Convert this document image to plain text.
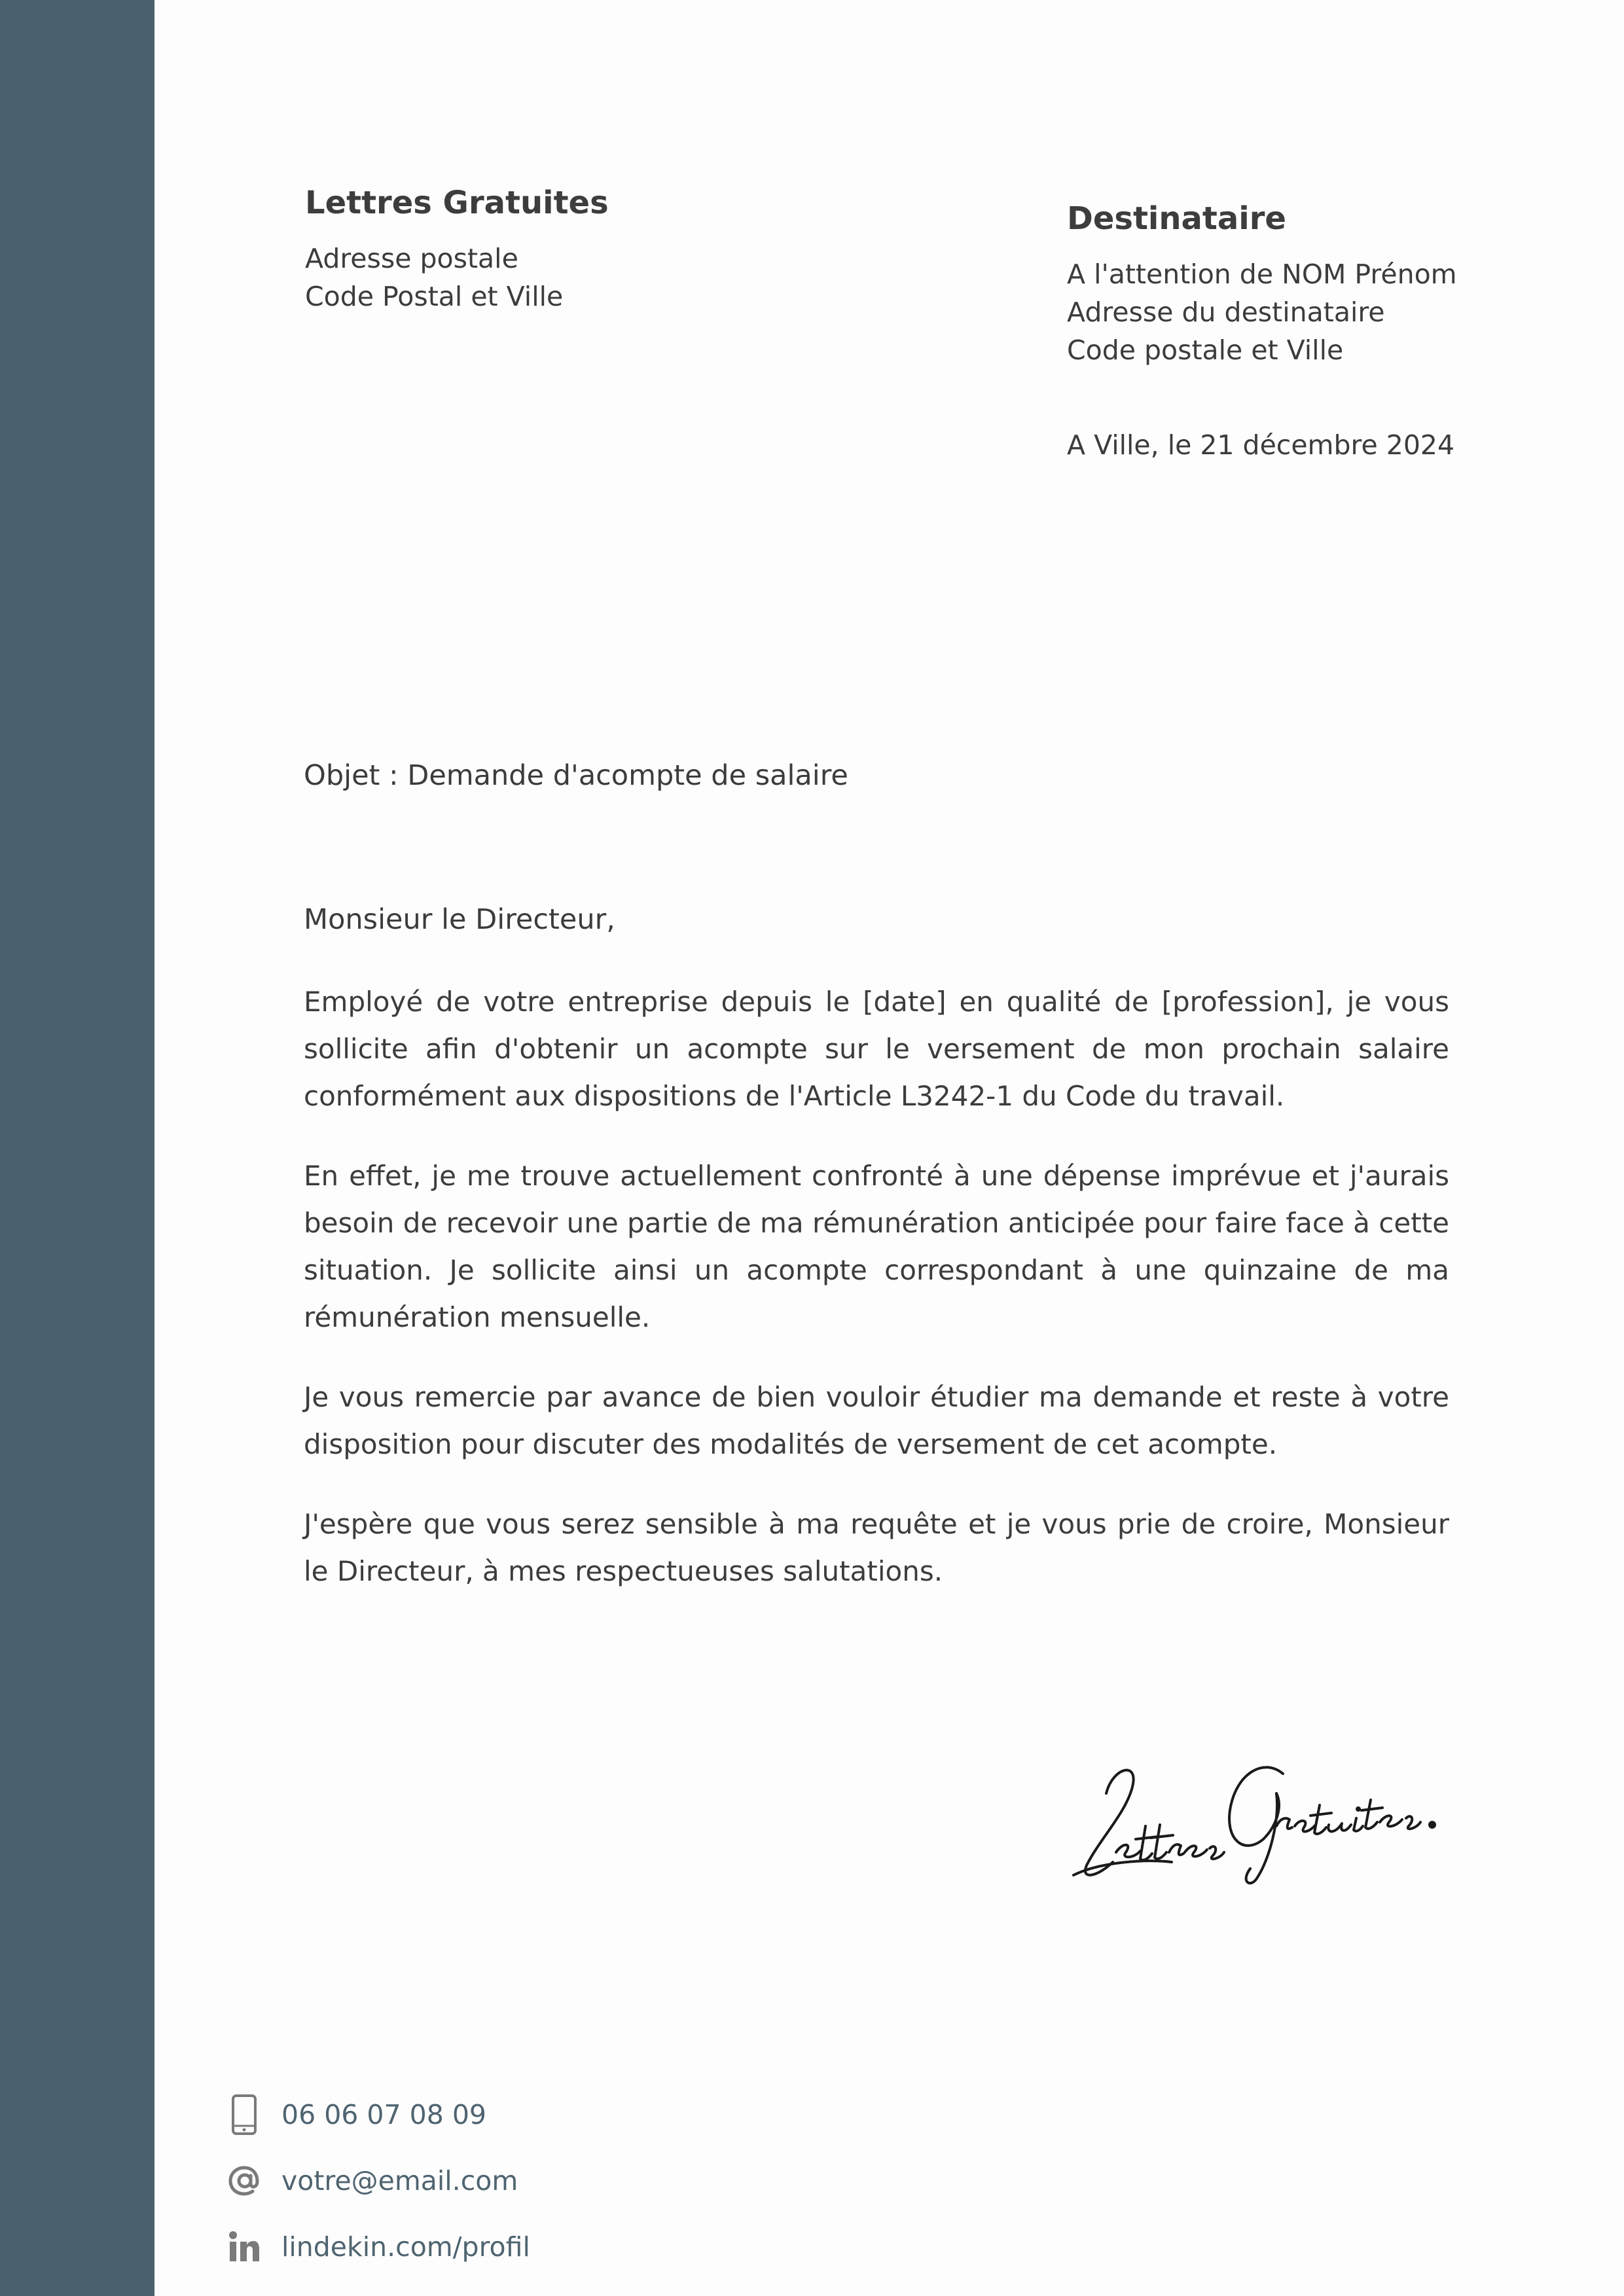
Lettres Gratuites
Adresse postale
Code Postal et Ville
Destinataire
A l'attention de NOM Prénom
Adresse du destinataire
Code postale et Ville
A Ville, le 21 décembre 2024
Objet : Demande d'acompte de salaire
Monsieur le Directeur,

Employé de votre entreprise depuis le [date] en qualité de [profession], je vous sollicite afin d'obtenir un acompte sur le versement de mon prochain salaire conformément aux dispositions de l'Article L3242-1 du Code du travail.

En effet, je me trouve actuellement confronté à une dépense imprévue et j'aurais besoin de recevoir une partie de ma rémunération anticipée pour faire face à cette situation. Je sollicite ainsi un acompte correspondant à une quinzaine de ma rémunération mensuelle.

Je vous remercie par avance de bien vouloir étudier ma demande et reste à votre disposition pour discuter des modalités de versement de cet acompte.

J'espère que vous serez sensible à ma requête et je vous prie de croire, Monsieur le Directeur, à mes respectueuses salutations.

06 06 07 08 09
votre@email.com
lindekin.com/profil
